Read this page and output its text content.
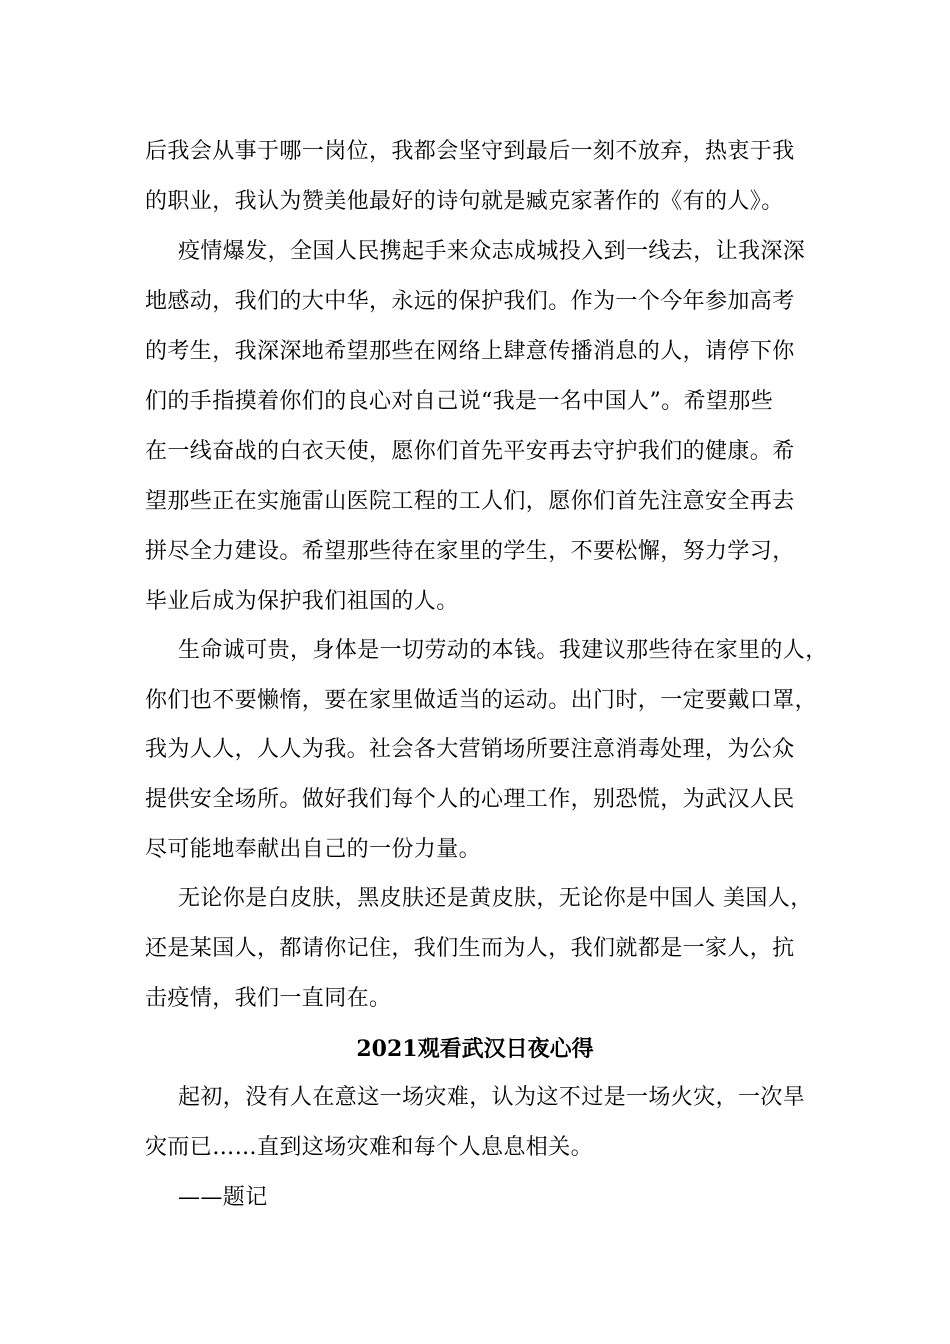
后我会从事于哪一岗位，我都会坚守到最后一刻不放弃，热衷于我
的职业，我认为赞美他最好的诗句就是臧克家著作的《有的人》。
疫情爆发，全国人民携起手来众志成城投入到一线去，让我深深
地感动，我们的大中华，永远的保护我们。作为一个今年参加高考
的考生，我深深地希望那些在网络上肆意传播消息的人，请停下你
们的手指摸着你们的良心对自己说“我是一名中国人”。希望那些
在一线奋战的白衣天使，愿你们首先平安再去守护我们的健康。希
望那些正在实施雷山医院工程的工人们，愿你们首先注意安全再去
拼尽全力建设。希望那些待在家里的学生，不要松懈，努力学习，
毕业后成为保护我们祖国的人。
生命诚可贵，身体是一切劳动的本钱。我建议那些待在家里的人，
你们也不要懒惰，要在家里做适当的运动。出门时，一定要戴口罩，
我为人人，人人为我。社会各大营销场所要注意消毒处理，为公众
提供安全场所。做好我们每个人的心理工作，别恐慌，为武汉人民
尽可能地奉献出自己的一份力量。
无论你是白皮肤，黑皮肤还是黄皮肤，无论你是中国人 美国人，
还是某国人，都请你记住，我们生而为人，我们就都是一家人，抗
击疫情，我们一直同在。
2021观看武汉日夜心得
起初，没有人在意这一场灾难，认为这不过是一场火灾，一次旱
灾而已……直到这场灾难和每个人息息相关。
——题记
